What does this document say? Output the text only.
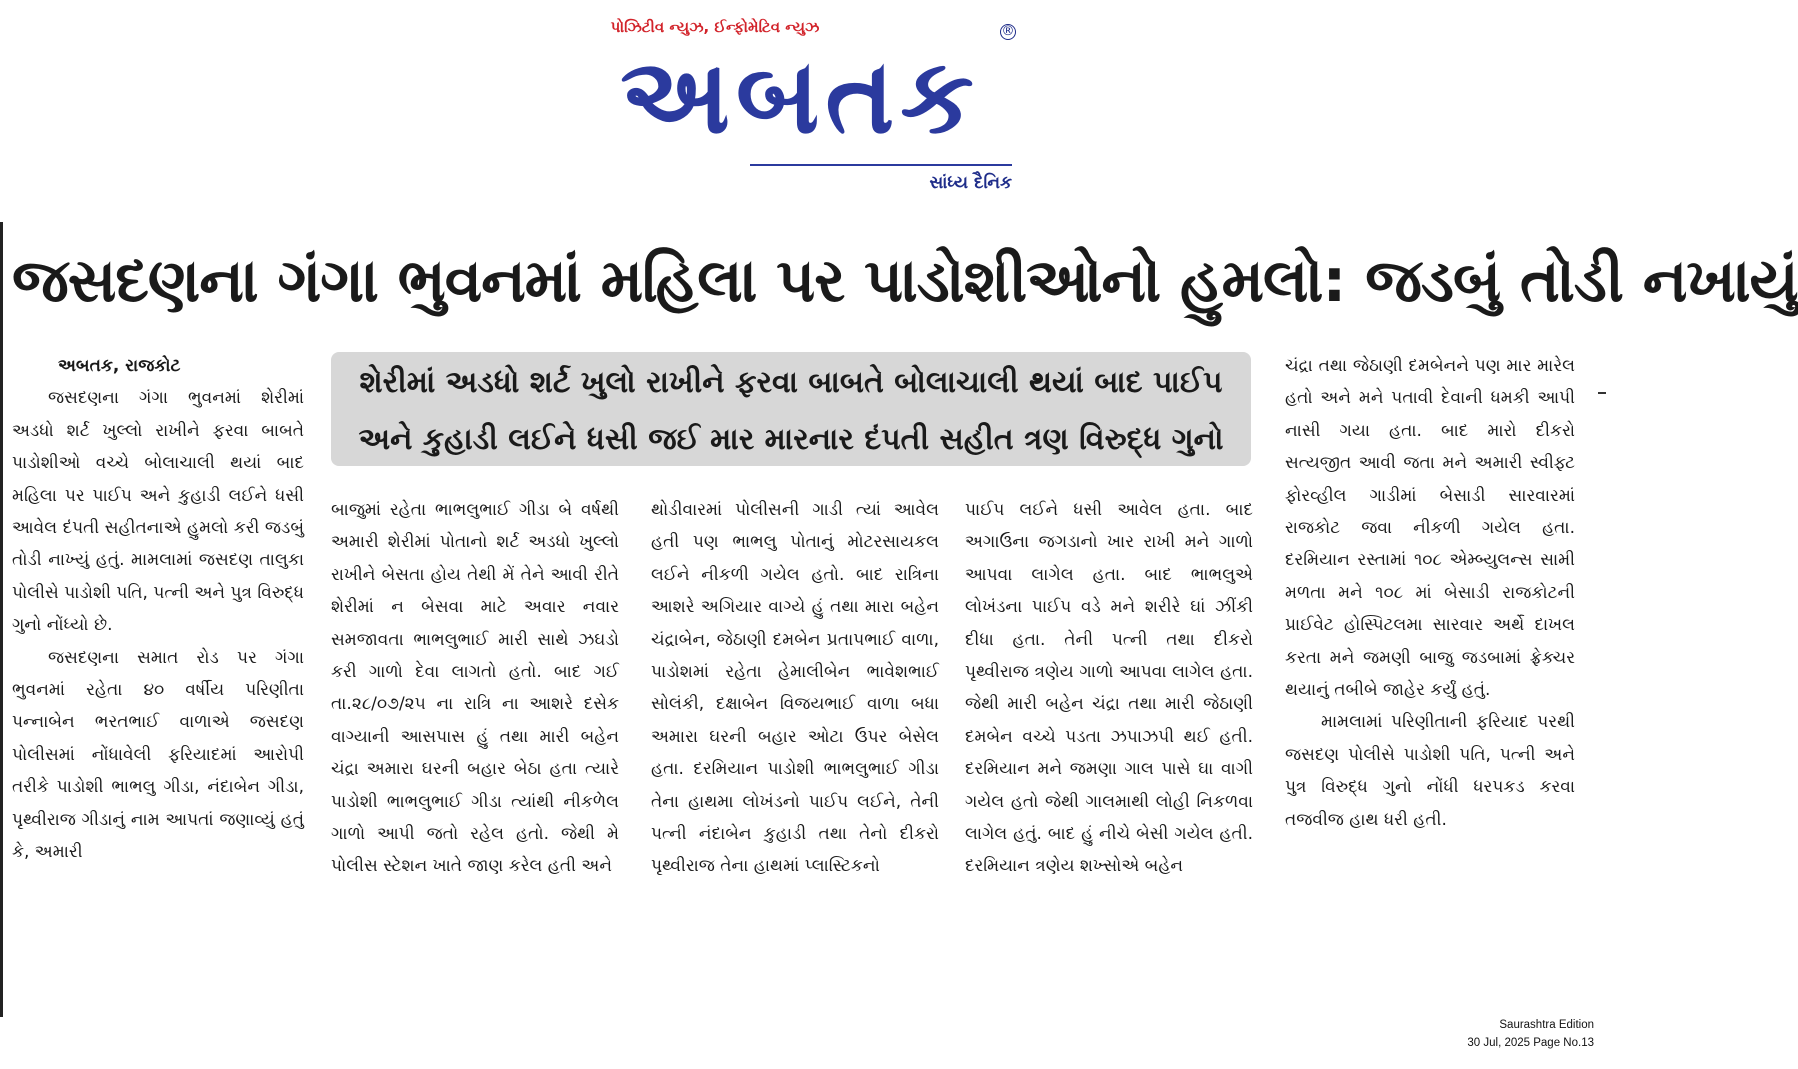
પોઝિટીવ ન્યુઝ, ઈન્ફોમેટિવ ન્યુઝ	®
અબતક
સાંધ્ય દૈનિક
જસદણના ગંગા ભુવનમાં મહિલા પર પાડોશીઓનો હુમલો: જડબું તોડી નખાયું

શેરીમાં અડધો શર્ટ ખુલો રાખીને ફરવા બાબતે બોલાચાલી થયાં બાદ પાઈપ

અને કુહાડી લઈને ધસી જઈ માર મારનાર દંપતી સહીત ત્રણ વિરુદ્ધ ગુનો

અબતક, રાજકોટ

જસદણના ગંગા ભુવનમાં શેરીમાં અડધો શર્ટ ખુલ્લો રાખીને ફરવા બાબતે પાડોશીઓ વચ્ચે બોલાચાલી થયાં બાદ મહિલા પર પાઈપ અને કુહાડી લઈને ધસી આવેલ દંપતી સહીતનાએ હુમલો કરી જડબું તોડી નાખ્યું હતું. મામલામાં જસદણ તાલુકા પોલીસે પાડોશી પતિ, પત્ની અને પુત્ર વિરુદ્ધ ગુનો નોંધ્યો છે.

જસદણના સમાત રોડ પર ગંગા ભુવનમાં રહેતા ૪૦ વર્ષીય પરિણીતા પન્નાબેન ભરતભાઈ વાળાએ જસદણ પોલીસમાં નોંધાવેલી ફરિયાદમાં આરોપી તરીકે પાડોશી ભાભલુ ગીડા, નંદાબેન ગીડા, પૃથ્વીરાજ ગીડાનું નામ આપતાં જણાવ્યું હતું કે, અમારી

બાજુમાં રહેતા ભાભલુભાઈ ગીડા બે વર્ષથી અમારી શેરીમાં પોતાનો શર્ટ અડધો ખુલ્લો રાખીને બેસતા હોય તેથી મેં તેને આવી રીતે શેરીમાં ન બેસવા માટે અવાર નવાર સમજાવતા ભાભલુભાઈ મારી સાથે ઝઘડો કરી ગાળો દેવા લાગતો હતો. બાદ ગઈ તા.૨૮/૦૭/૨૫ ના રાત્રિ ના આશરે દસેક વાગ્યાની આસપાસ હું તથા મારી બહેન ચંદ્રા અમારા ઘરની બહાર બેઠા હતા ત્યારે પાડોશી ભાભલુભાઈ ગીડા ત્યાંથી નીકળેલ ગાળો આપી જતો રહેલ હતો. જેથી મે પોલીસ સ્ટેશન ખાતે જાણ કરેલ હતી અને

થોડીવારમાં પોલીસની ગાડી ત્યાં આવેલ હતી પણ ભાભલુ પોતાનું મોટરસાયકલ લઈને નીકળી ગયેલ હતો. બાદ રાત્રિના આશરે અગિયાર વાગ્યે હું તથા મારા બહેન ચંદ્રાબેન, જેઠાણી દમબેન પ્રતાપભાઈ વાળા, પાડોશમાં રહેતા હેમાલીબેન ભાવેશભાઈ સોલંકી, દક્ષાબેન વિજયભાઈ વાળા બધા અમારા ઘરની બહાર ઓટા ઉપર બેસેલ હતા. દરમિયાન પાડોશી ભાભલુભાઈ ગીડા તેના હાથમા લોખંડનો પાઈપ લઈને, તેની પત્ની નંદાબેન કુહાડી તથા તેનો દીકરો પૃથ્વીરાજ તેના હાથમાં પ્લાસ્ટિકનો

પાઈપ લઈને ધસી આવેલ હતા. બાદ અગાઉના જગડાનો ખાર રાખી મને ગાળો આપવા લાગેલ હતા. બાદ ભાભલુએ લોખંડના પાઈપ વડે મને શરીરે ઘાં ઝીંકી દીધા હતા. તેની પત્ની તથા દીકરો પૃથ્વીરાજ ત્રણેય ગાળો આપવા લાગેલ હતા. જેથી મારી બહેન ચંદ્રા તથા મારી જેઠાણી દમબેન વચ્ચે પડતા ઝપાઝપી થઈ હતી. દરમિયાન મને જમણા ગાલ પાસે ઘા વાગી ગયેલ હતો જેથી ગાલમાથી લોહી નિકળવા લાગેલ હતું. બાદ હું નીચે બેસી ગયેલ હતી. દરમિયાન ત્રણેય શખ્સોએ બહેન

ચંદ્રા તથા જેઠાણી દમબેનને પણ માર મારેલ હતો અને મને પતાવી દેવાની ધમકી આપી નાસી ગયા હતા. બાદ મારો દીકરો સત્યજીત આવી જતા મને અમારી સ્વીફ્ટ ફોરવ્હીલ ગાડીમાં બેસાડી સારવારમાં રાજકોટ જવા નીકળી ગયેલ હતા. દરમિયાન રસ્તામાં ૧૦૮ એમ્બ્યુલન્સ સામી મળતા મને ૧૦૮ માં બેસાડી રાજકોટની પ્રાઈવેટ હોસ્પિટલમા સારવાર અર્થે દાખલ કરતા મને જમણી બાજુ જડબામાં ફ્રેક્ચર થયાનું તબીબે જાહેર કર્યું હતું.

મામલામાં પરિણીતાની ફરિયાદ પરથી જસદણ પોલીસે પાડોશી પતિ, પત્ની અને પુત્ર વિરુદ્ધ ગુનો નોંધી ધરપકડ કરવા તજવીજ હાથ ધરી હતી.

Saurashtra Edition
30 Jul, 2025 Page No.13
